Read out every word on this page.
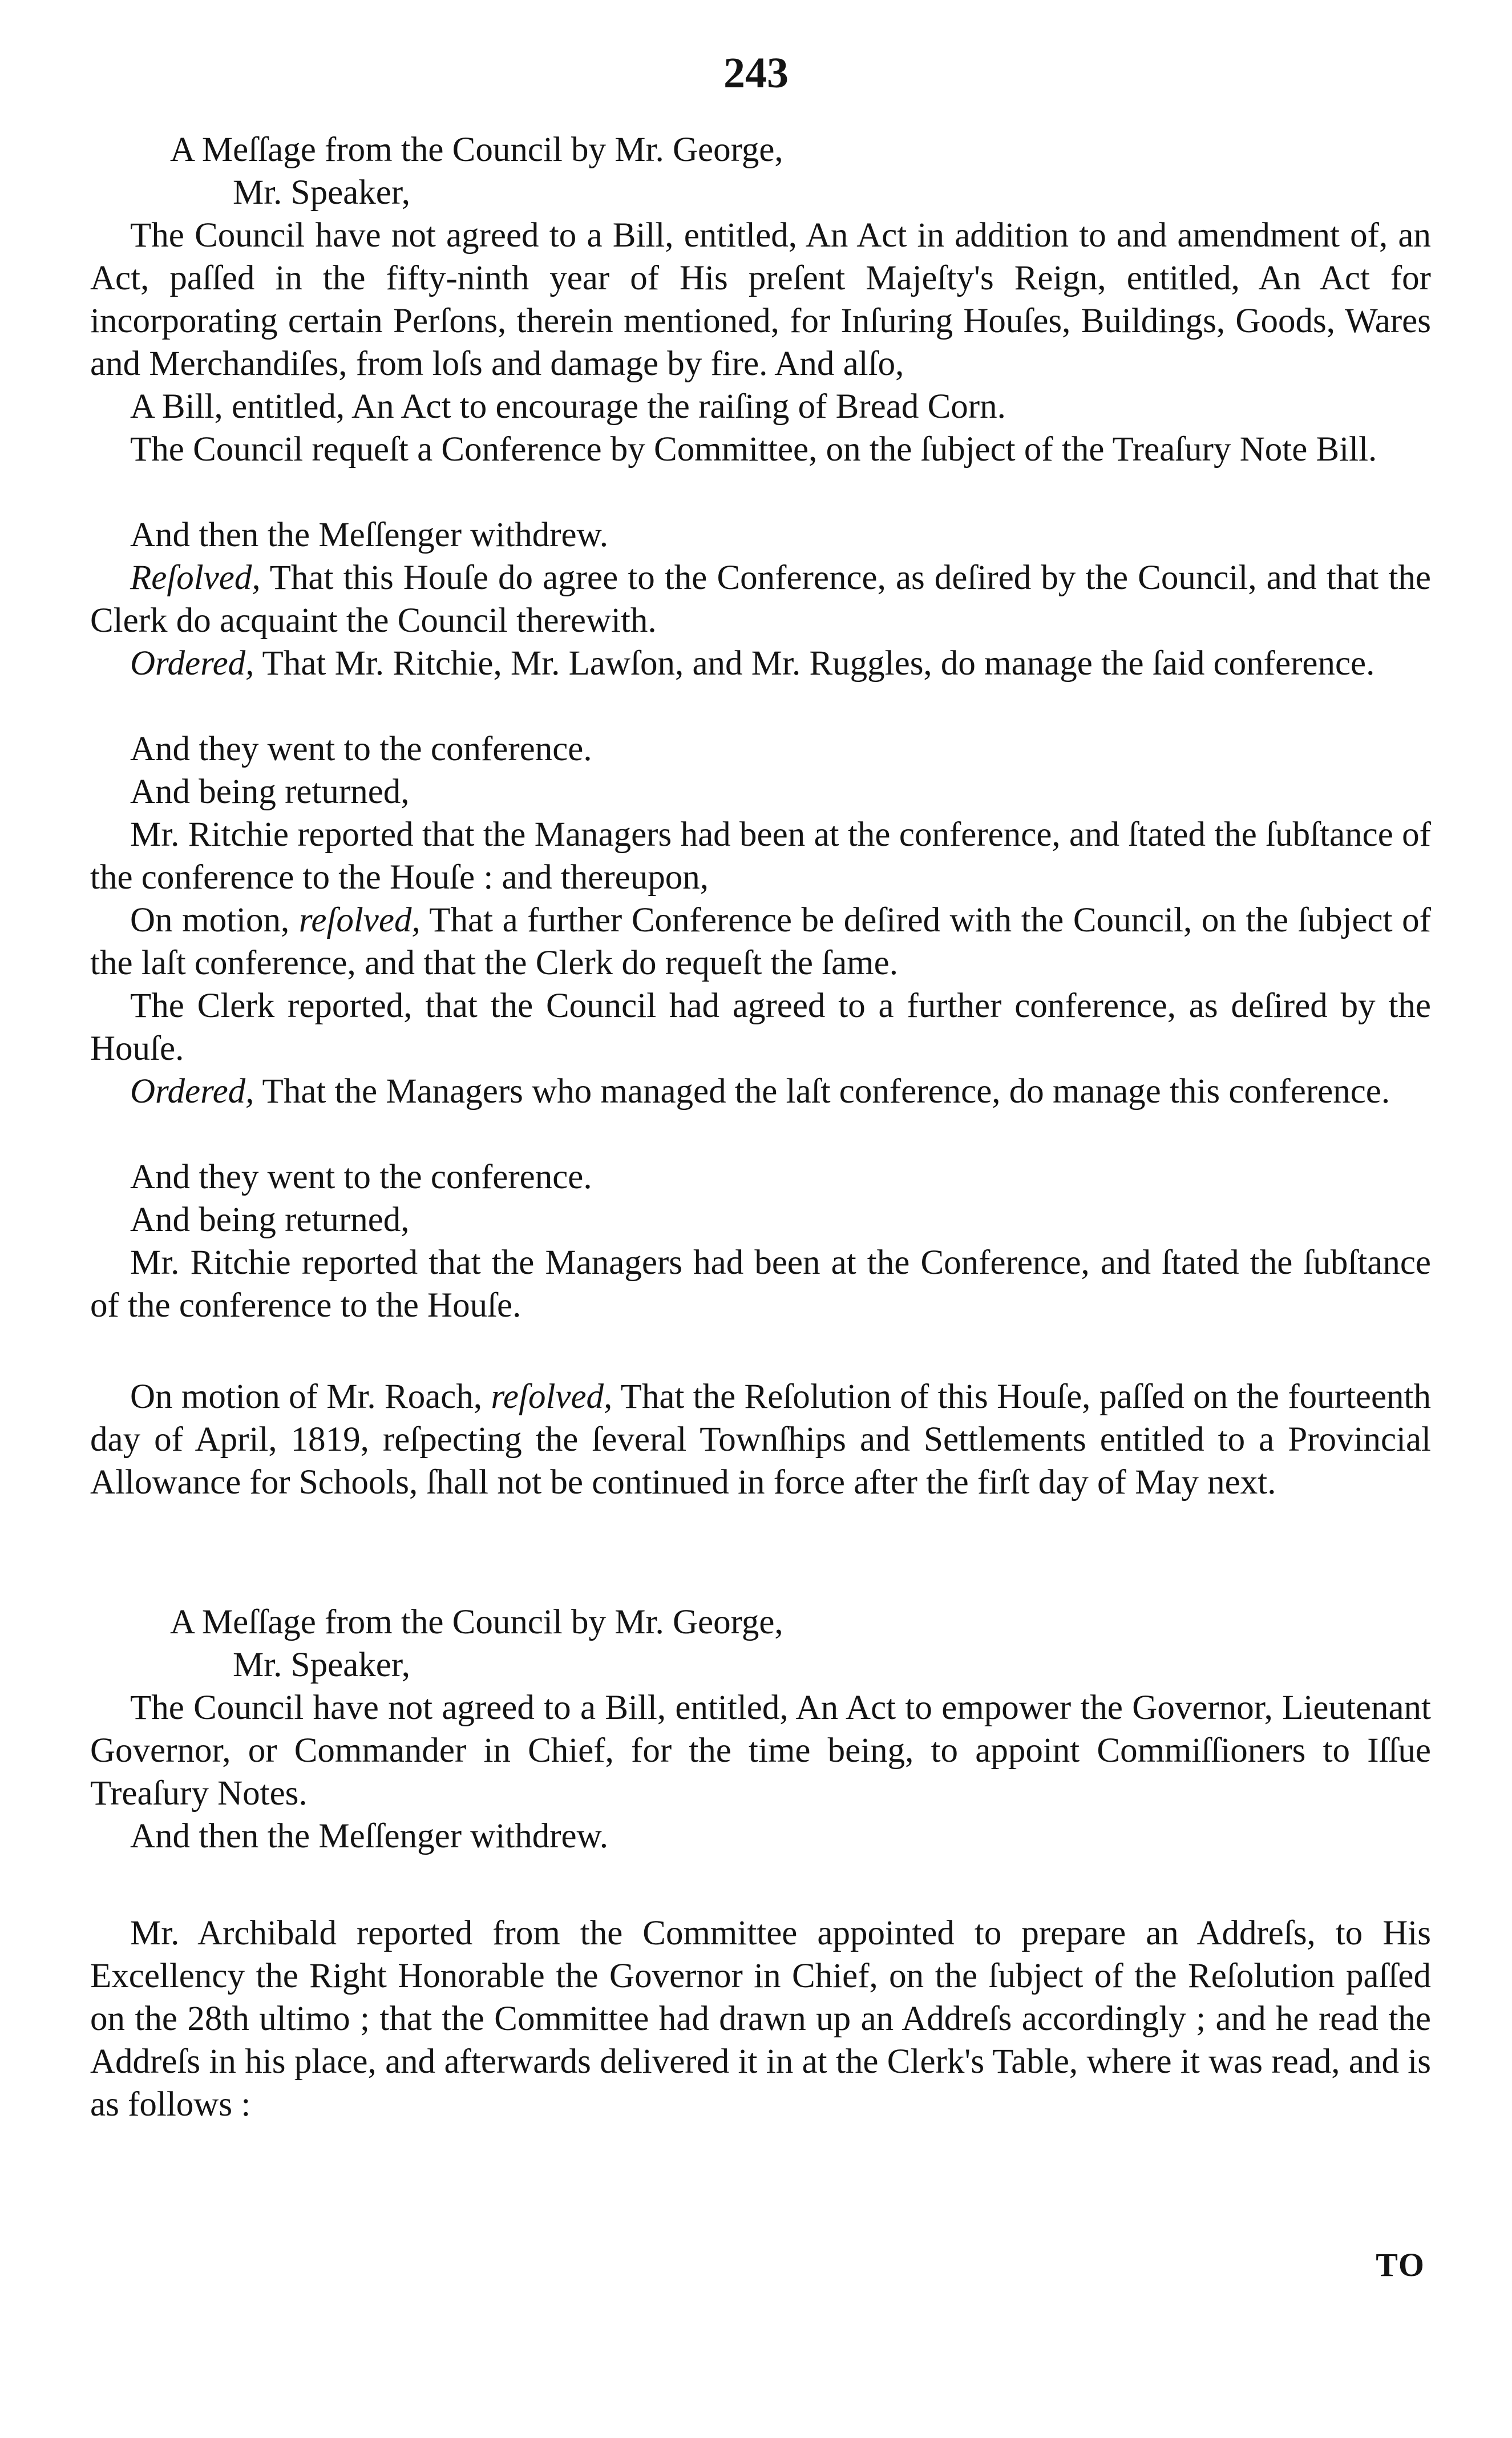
243
A Meſſage from the Council by Mr. George,
Mr. Speaker,
The Council have not agreed to a Bill, entitled, An Act in addition to and amendment of, an Act, paſſed in the fifty-ninth year of His preſent Majeſty's Reign, entitled, An Act for incorporating certain Perſons, therein mentioned, for Inſuring Houſes, Buildings, Goods, Wares and Merchandiſes, from loſs and damage by fire. And alſo,
A Bill, entitled, An Act to encourage the raiſing of Bread Corn.
The Council requeſt a Conference by Committee, on the ſubject of the Treaſury Note Bill.
And then the Meſſenger withdrew.
Reſolved, That this Houſe do agree to the Conference, as deſired by the Council, and that the Clerk do acquaint the Council therewith.
Ordered, That Mr. Ritchie, Mr. Lawſon, and Mr. Ruggles, do manage the ſaid conference.
And they went to the conference.
And being returned,
Mr. Ritchie reported that the Managers had been at the conference, and ſtated the ſubſtance of the conference to the Houſe : and thereupon,
On motion, reſolved, That a further Conference be deſired with the Council, on the ſubject of the laſt conference, and that the Clerk do requeſt the ſame.
The Clerk reported, that the Council had agreed to a further conference, as deſired by the Houſe.
Ordered, That the Managers who managed the laſt conference, do manage this conference.
And they went to the conference.
And being returned,
Mr. Ritchie reported that the Managers had been at the Conference, and ſtated the ſubſtance of the conference to the Houſe.
On motion of Mr. Roach, reſolved, That the Reſolution of this Houſe, paſſed on the fourteenth day of April, 1819, reſpecting the ſeveral Townſhips and Settlements entitled to a Provincial Allowance for Schools, ſhall not be continued in force after the firſt day of May next.
A Meſſage from the Council by Mr. George,
Mr. Speaker,
The Council have not agreed to a Bill, entitled, An Act to empower the Governor, Lieutenant Governor, or Commander in Chief, for the time being, to appoint Commiſſioners to Iſſue Treaſury Notes.
And then the Meſſenger withdrew.
Mr. Archibald reported from the Committee appointed to prepare an Addreſs, to His Excellency the Right Honorable the Governor in Chief, on the ſubject of the Reſolution paſſed on the 28th ultimo ; that the Committee had drawn up an Addreſs accordingly ; and he read the Addreſs in his place, and afterwards delivered it in at the Clerk's Table, where it was read, and is as follows :
TO
